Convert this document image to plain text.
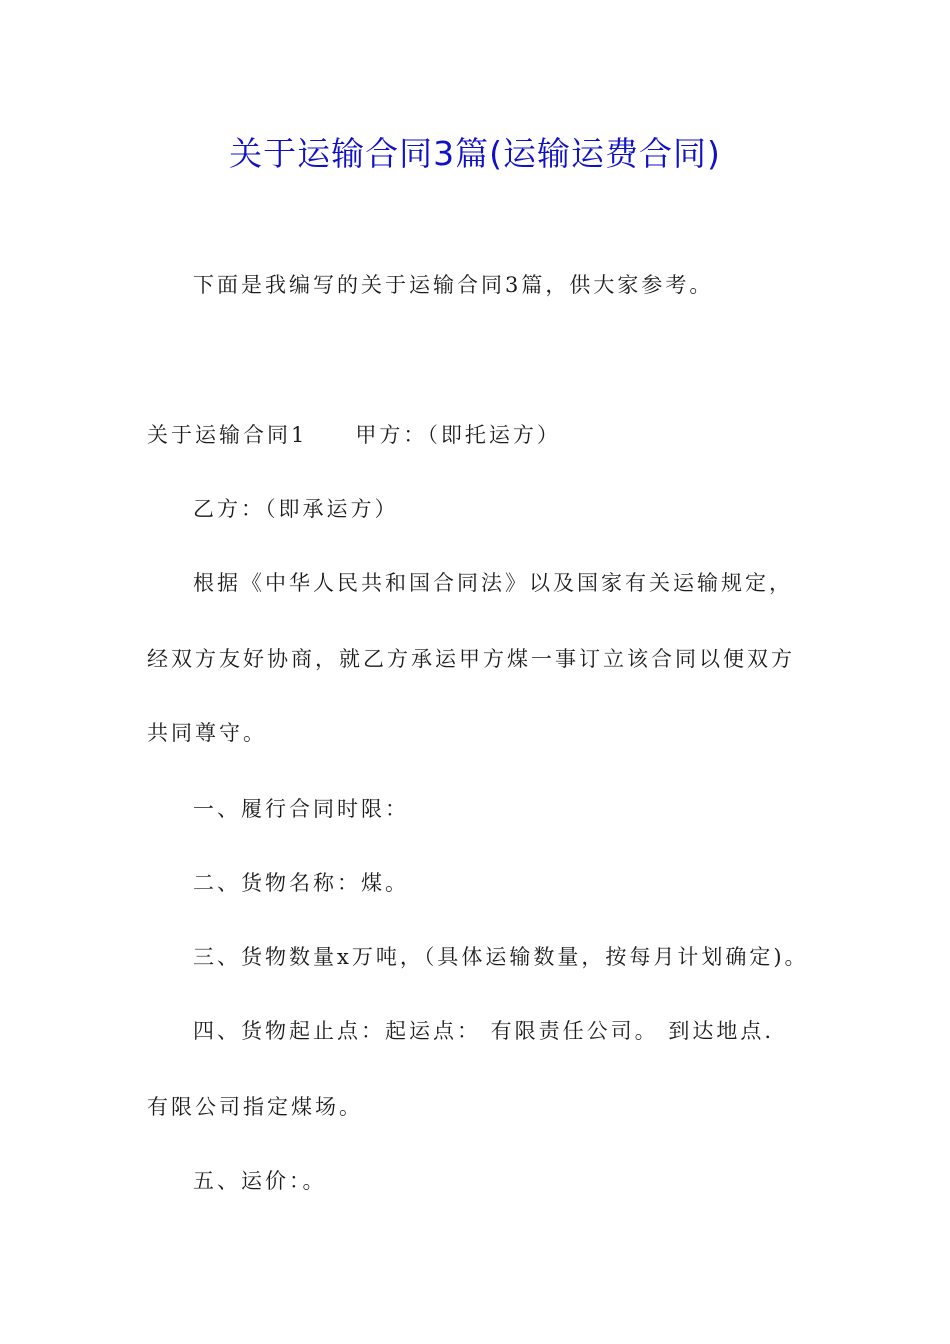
关于运输合同3篇(运输运费合同)
下面是我编写的关于运输合同3篇，供大家参考。
关于运输合同1 甲方：（即托运方）
乙方：（即承运方）
根据《中华人民共和国合同法》以及国家有关运输规定，
经双方友好协商，就乙方承运甲方煤一事订立该合同以便双方
共同尊守。
一、履行合同时限：
二、货物名称：煤。
三、货物数量x万吨，（具体运输数量，按每月计划确定)。
四、货物起止点：起运点： 有限责任公司。 到达地点.
有限公司指定煤场。
五、运价：。
